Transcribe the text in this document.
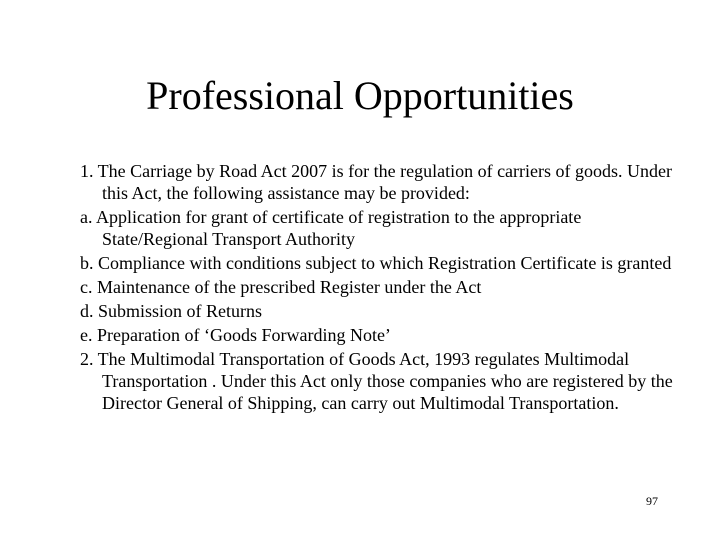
Professional Opportunities
1. The Carriage by Road Act 2007 is for the regulation of carriers of goods. Under this Act, the following assistance may be provided:
a. Application for grant of certificate of registration to the appropriate State/Regional Transport Authority
b. Compliance with conditions subject to which Registration Certificate is granted
c. Maintenance of the prescribed Register under the Act
d. Submission of Returns
e. Preparation of ‘Goods Forwarding Note’
2. The Multimodal Transportation of Goods Act, 1993 regulates Multimodal Transportation . Under this Act only those companies who are registered by the Director General of Shipping, can carry out Multimodal Transportation.
97
